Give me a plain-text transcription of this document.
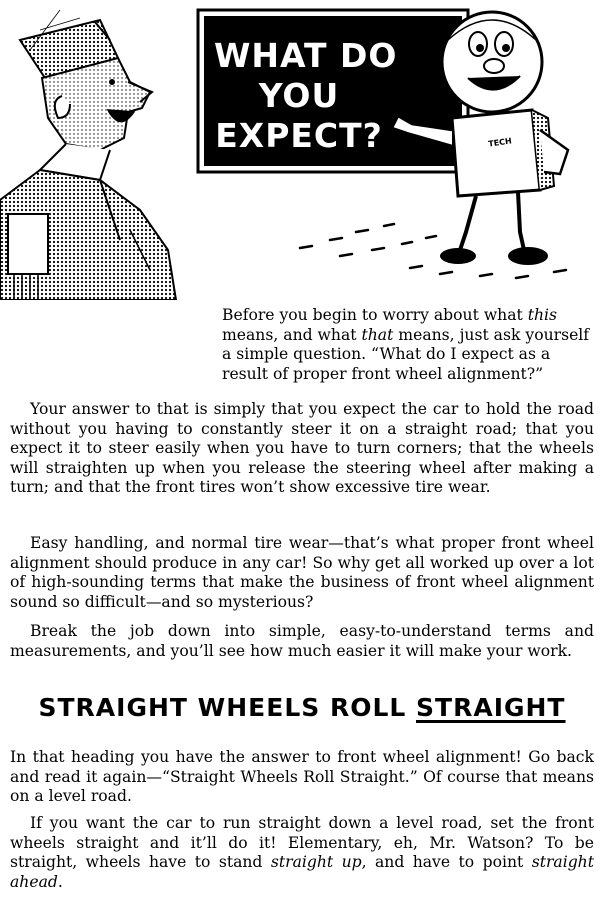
WHAT DO
YOU
EXPECT?	TECH
Before you begin to worry about what this means, and what that means, just ask yourself a simple question. “What do I expect as a result of proper front wheel alignment?”

Your answer to that is simply that you expect the car to hold the road without you having to constantly steer it on a straight road; that you expect it to steer easily when you have to turn corners; that the wheels will straighten up when you release the steering wheel after making a turn; and that the front tires won’t show excessive tire wear.

Easy handling, and normal tire wear—that’s what proper front wheel alignment should produce in any car! So why get all worked up over a lot of high-sounding terms that make the business of front wheel alignment sound so difficult—and so mysterious?

Break the job down into simple, easy-to-understand terms and measurements, and you’ll see how much easier it will make your work.

STRAIGHT WHEELS ROLL STRAIGHT

In that heading you have the answer to front wheel alignment! Go back and read it again—“Straight Wheels Roll Straight.” Of course that means on a level road.

If you want the car to run straight down a level road, set the front wheels straight and it’ll do it! Elementary, eh, Mr. Watson? To be straight, wheels have to stand straight up, and have to point straight ahead.
